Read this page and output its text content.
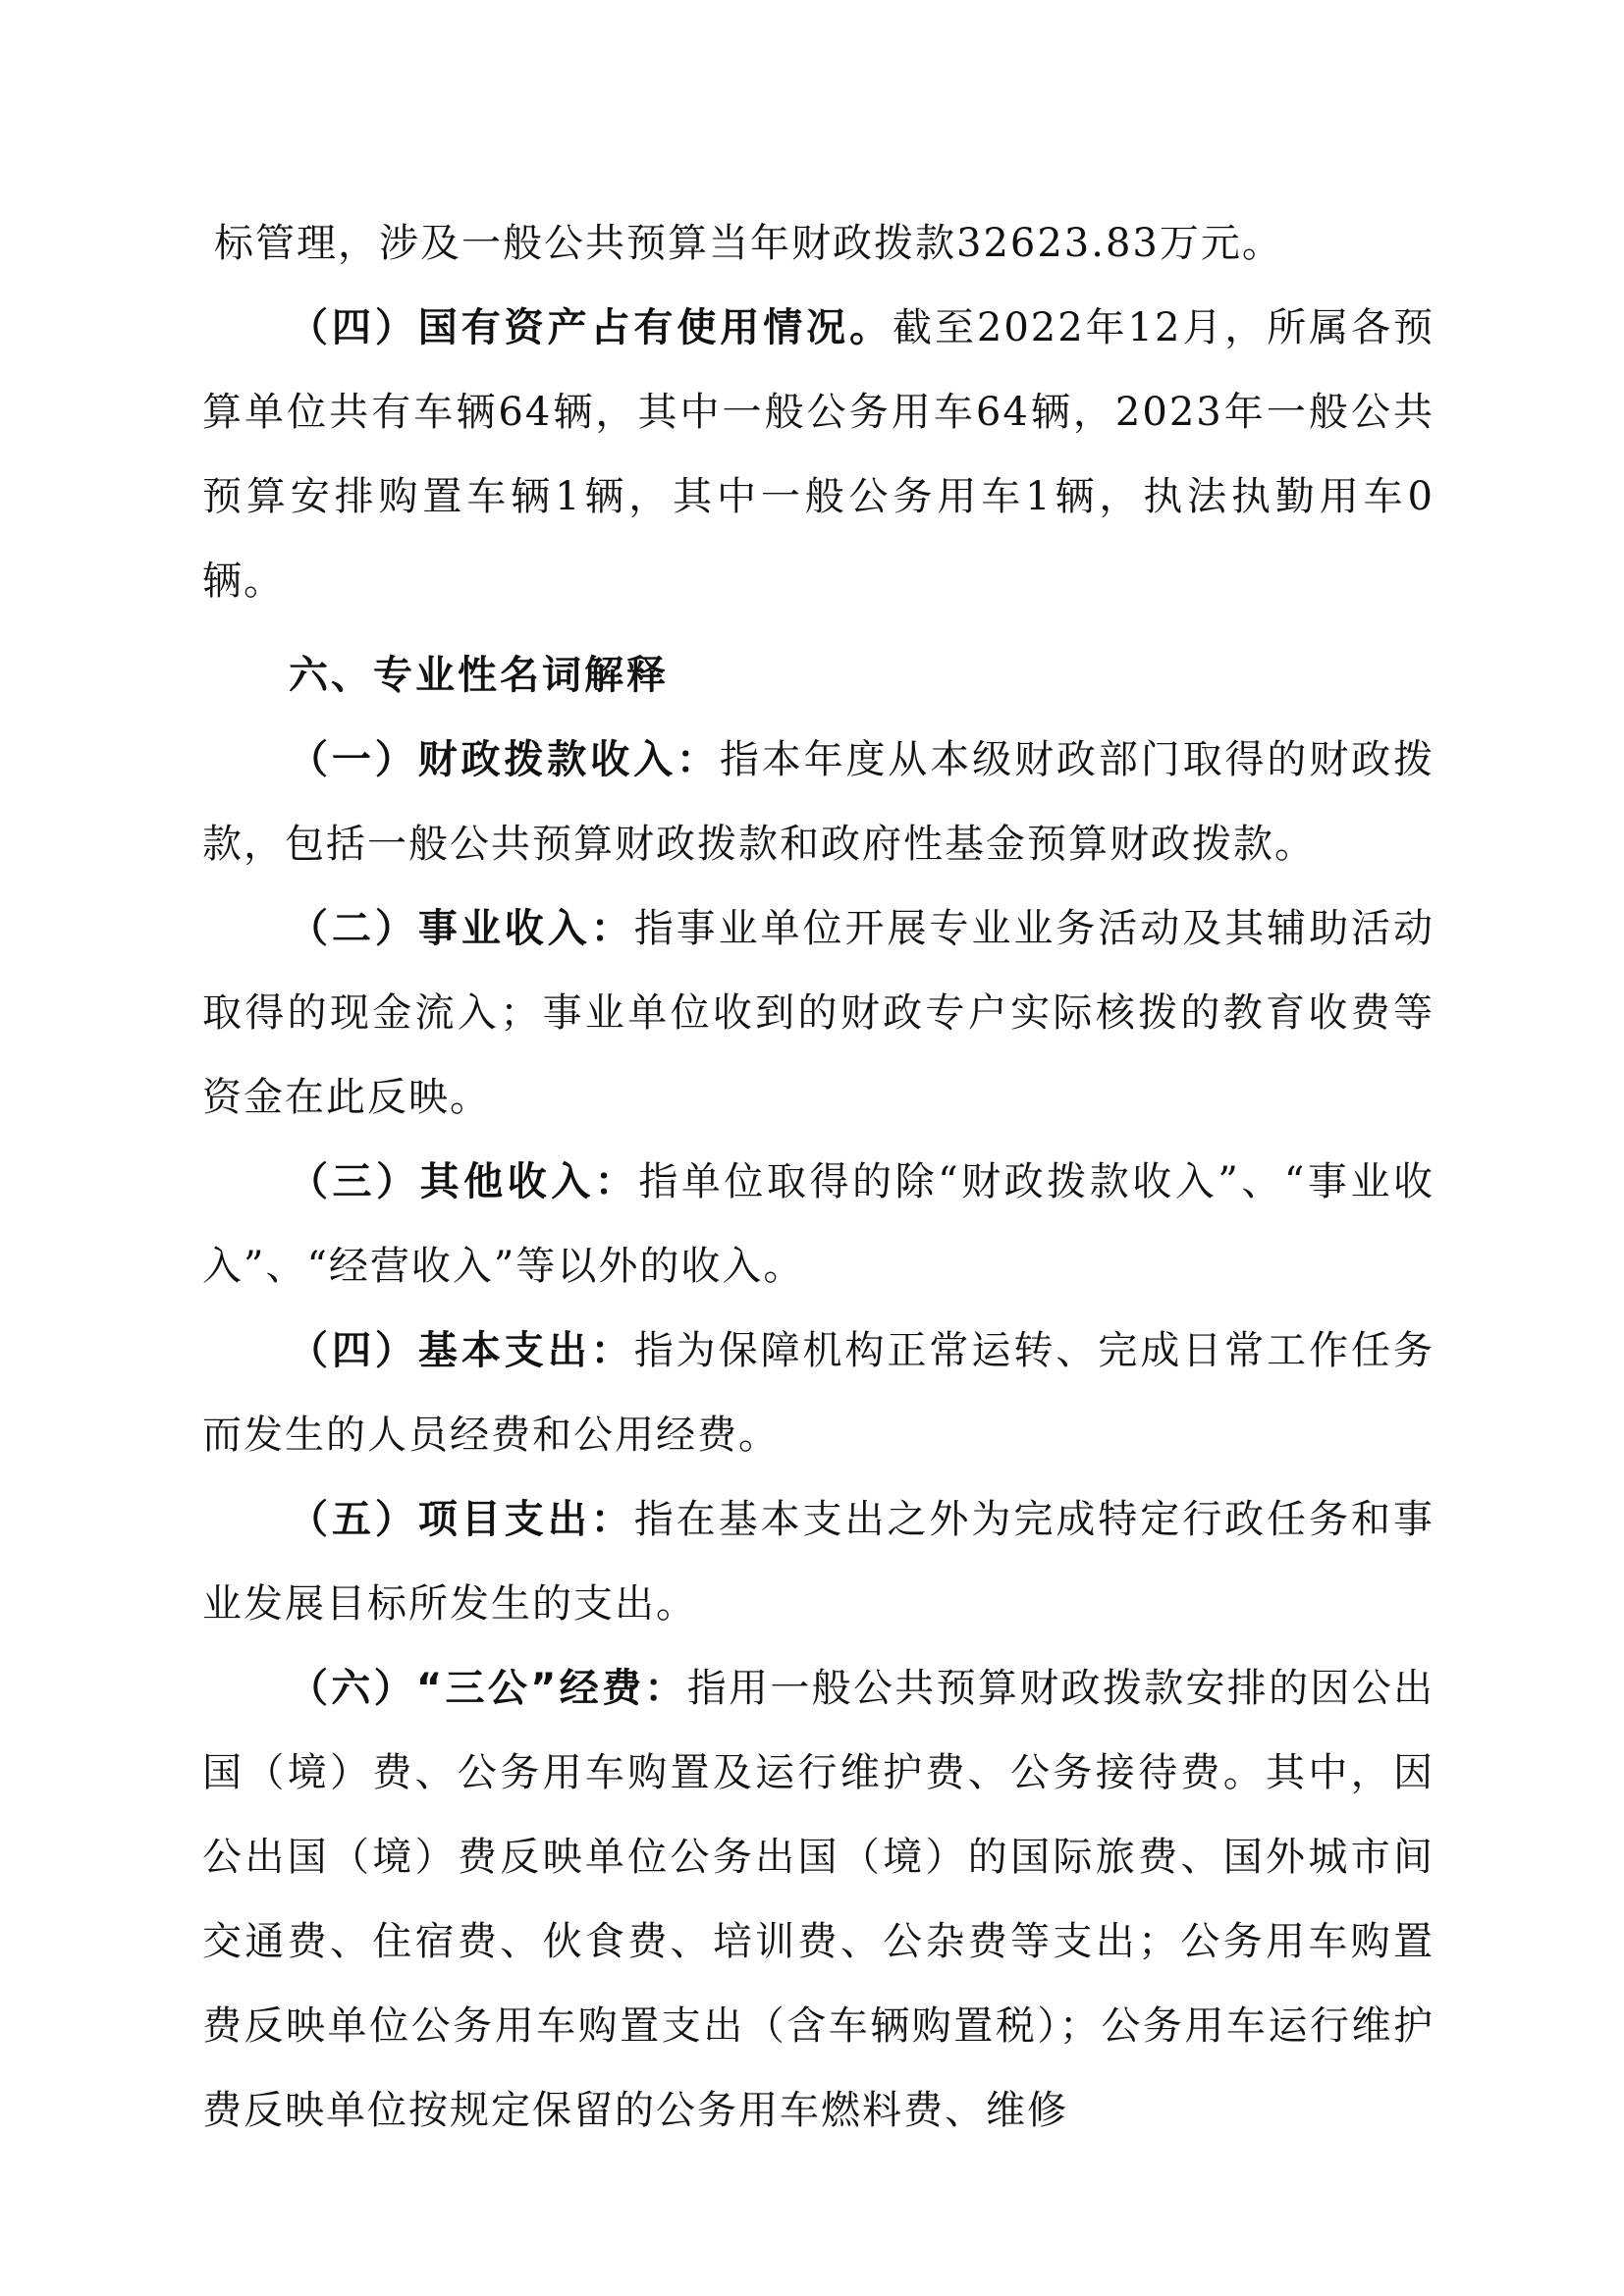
标管理，涉及一般公共预算当年财政拨款32623.83万元。

（四）国有资产占有使用情况。截至2022年12月，所属各预算单位共有车辆64辆，其中一般公务用车64辆，2023年一般公共预算安排购置车辆1辆，其中一般公务用车1辆，执法执勤用车0辆。

六、专业性名词解释

（一）财政拨款收入：指本年度从本级财政部门取得的财政拨款，包括一般公共预算财政拨款和政府性基金预算财政拨款。

（二）事业收入：指事业单位开展专业业务活动及其辅助活动取得的现金流入；事业单位收到的财政专户实际核拨的教育收费等资金在此反映。

（三）其他收入：指单位取得的除“财政拨款收入”、“事业收入”、“经营收入”等以外的收入。

（四）基本支出：指为保障机构正常运转、完成日常工作任务而发生的人员经费和公用经费。

（五）项目支出：指在基本支出之外为完成特定行政任务和事业发展目标所发生的支出。

（六）“三公”经费：指用一般公共预算财政拨款安排的因公出国（境）费、公务用车购置及运行维护费、公务接待费。其中，因公出国（境）费反映单位公务出国（境）的国际旅费、国外城市间交通费、住宿费、伙食费、培训费、公杂费等支出；公务用车购置费反映单位公务用车购置支出（含车辆购置税）；公务用车运行维护费反映单位按规定保留的公务用车燃料费、维修
